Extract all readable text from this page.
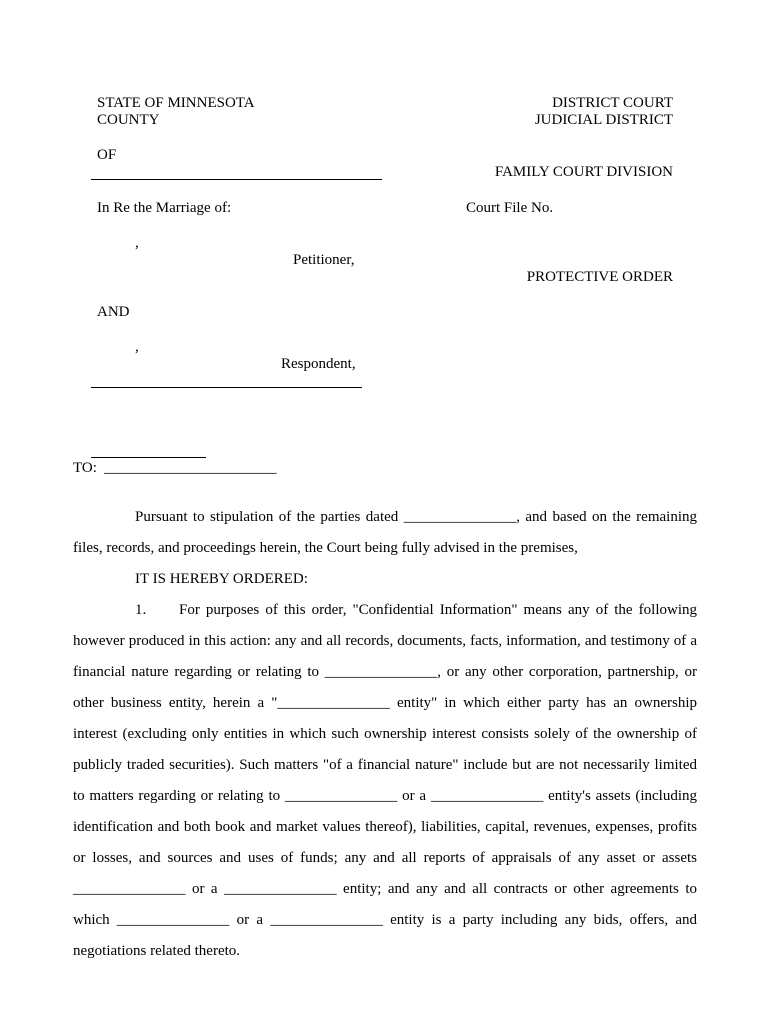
STATE OF MINNESOTA
COUNTY
OF
DISTRICT COURT
JUDICIAL DISTRICT
FAMILY COURT DIVISION
In Re the Marriage of:	Court File No.
,
Petitioner,
PROTECTIVE ORDER
AND
,
Respondent,
TO: _______________________

Pursuant to stipulation of the parties dated _______________, and based on the remaining files, records, and proceedings herein, the Court being fully advised in the premises,

IT IS HEREBY ORDERED:

1. For purposes of this order, "Confidential Information" means any of the following however produced in this action: any and all records, documents, facts, information, and testimony of a financial nature regarding or relating to _______________, or any other corporation, partnership, or other business entity, herein a "_______________ entity" in which either party has an ownership interest (excluding only entities in which such ownership interest consists solely of the ownership of publicly traded securities). Such matters "of a financial nature" include but are not necessarily limited to matters regarding or relating to _______________ or a _______________ entity's assets (including identification and both book and market values thereof), liabilities, capital, revenues, expenses, profits or losses, and sources and uses of funds; any and all reports of appraisals of any asset or assets _______________ or a _______________ entity; and any and all contracts or other agreements to which _______________ or a _______________ entity is a party including any bids, offers, and negotiations related thereto.
